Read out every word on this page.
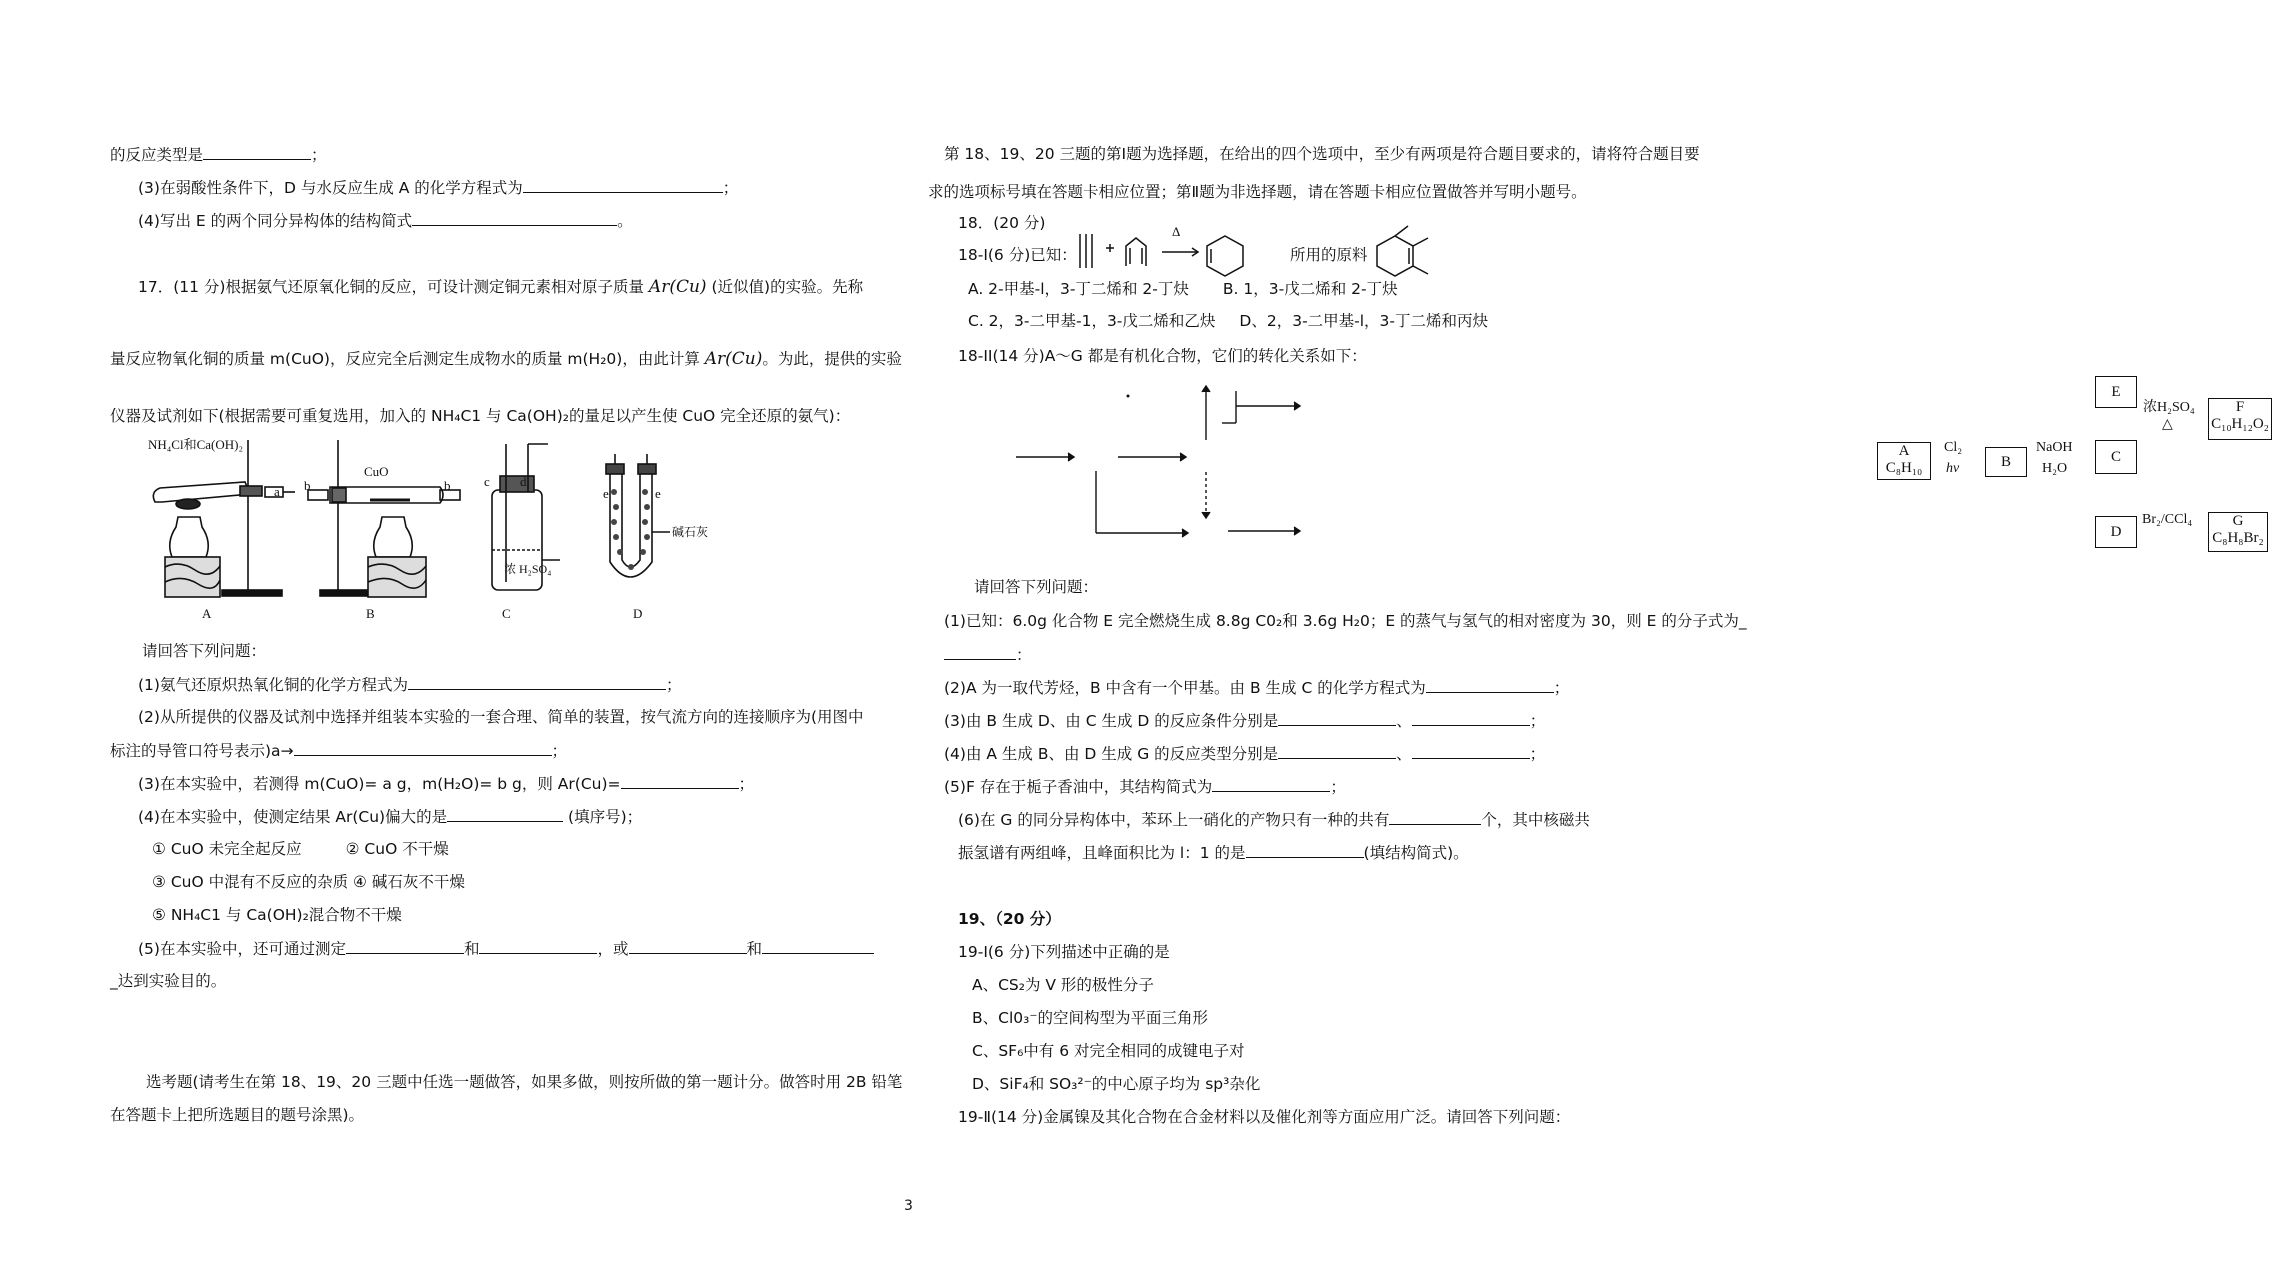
的反应类型是	；
(3)在弱酸性条件下，D 与水反应生成 A 的化学方程式为	；
(4)写出 E 的两个同分异构体的结构简式	。
17．(11 分)根据氨气还原氧化铜的反应，可设计测定铜元素相对原子质量 Ar(Cu) (近似值)的实验。先称
量反应物氧化铜的质量 m(CuO)，反应完全后测定生成物水的质量 m(H₂0)，由此计算 Ar(Cu)。为此，提供的实验
仪器及试剂如下(根据需要可重复选用，加入的 NH₄C1 与 Ca(OH)₂的量足以产生使 CuO 完全还原的氨气)：
NH₄Cl和Ca(OH)₂
a
CuO
b	b	c d
浓 H₂SO₄
e	e
碱石灰
A	B	C	D
请回答下列问题：
(1)氨气还原炽热氧化铜的化学方程式为	；
(2)从所提供的仪器及试剂中选择并组装本实验的一套合理、简单的装置，按气流方向的连接顺序为(用图中
标注的导管口符号表示)a→	；
(3)在本实验中，若测得 m(CuO)= a g，m(H₂O)= b g，则 Ar(Cu)=	；
(4)在本实验中，使测定结果 Ar(Cu)偏大的是	(填序号)；
① CuO 未完全起反应	② CuO 不干燥
③ CuO 中混有不反应的杂质 ④ 碱石灰不干燥
⑤ NH₄C1 与 Ca(OH)₂混合物不干燥
(5)在本实验中，还可通过测定	和	，或	和
_达到实验目的。
选考题(请考生在第 18、19、20 三题中任选一题做答，如果多做，则按所做的第一题计分。做答时用 2B 铅笔
在答题卡上把所选题目的题号涂黑)。
第 18、19、20 三题的第Ⅰ题为选择题，在给出的四个选项中，至少有两项是符合题目要求的，请将符合题目要
求的选项标号填在答题卡相应位置；第Ⅱ题为非选择题，请在答题卡相应位置做答并写明小题号。
18．(20 分)
18-I(6 分)已知：
Δ
所用的原料
A. 2-甲基-l，3-丁二烯和 2-丁炔 B. 1，3-戊二烯和 2-丁炔
C. 2，3-二甲基-1，3-戊二烯和乙炔 D、2，3-二甲基-l，3-丁二烯和丙炔
18-II(14 分)A～G 都是有机化合物，它们的转化关系如下：
A
C₈H₁₀	B	C
E
D
F
C₁₀H₁₂O₂
G
C₈H₈Br₂
Cl₂
hv
NaOH
H₂O
浓H₂SO₄
△
Br₂/CCl₄
请回答下列问题：
(1)已知：6.0g 化合物 E 完全燃烧生成 8.8g C0₂和 3.6g H₂0；E 的蒸气与氢气的相对密度为 30，则 E 的分子式为_
：
(2)A 为一取代芳烃，B 中含有一个甲基。由 B 生成 C 的化学方程式为	；
(3)由 B 生成 D、由 C 生成 D 的反应条件分别是	、	；
(4)由 A 生成 B、由 D 生成 G 的反应类型分别是	、	；
(5)F 存在于栀子香油中，其结构简式为	；
(6)在 G 的同分异构体中，苯环上一硝化的产物只有一种的共有	个，其中核磁共
振氢谱有两组峰，且峰面积比为 l：1 的是	(填结构简式)。
19、（20 分）
19-I(6 分)下列描述中正确的是
A、CS₂为 V 形的极性分子
B、Cl0₃⁻的空间构型为平面三角形
C、SF₆中有 6 对完全相同的成键电子对
D、SiF₄和 SO₃²⁻的中心原子均为 sp³杂化
19-Ⅱ(14 分)金属镍及其化合物在合金材料以及催化剂等方面应用广泛。请回答下列问题：
3
